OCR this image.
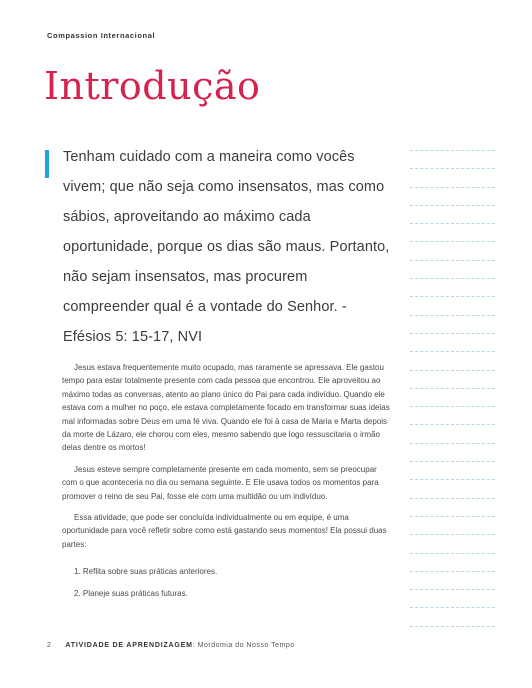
Compassion Internacional
Introdução

Tenham cuidado com a maneira como vocês vivem; que não seja como insensatos, mas como sábios, aproveitando ao máximo cada oportunidade, porque os dias são maus. Portanto, não sejam insensatos, mas procurem compreender qual é a vontade do Senhor. - Efésios 5: 15-17, NVI

Jesus estava frequentemente muito ocupado, mas raramente se apressava. Ele gastou tempo para estar totalmente presente com cada pessoa que encontrou. Ele aproveitou ao máximo todas as conversas, atento ao plano único do Pai para cada indivíduo. Quando ele estava com a mulher no poço, ele estava completamente focado em transformar suas ideias mal informadas sobre Deus em uma fé viva. Quando ele foi à casa de Maria e Marta depois da morte de Lázaro, ele chorou com eles, mesmo sabendo que logo ressuscitaria o irmão delas dentre os mortos!

Jesus esteve sempre completamente presente em cada momento, sem se preocupar com o que aconteceria no dia ou semana seguinte. E Ele usava todos os momentos para promover o reino de seu Pai, fosse ele com uma multidão ou um indivíduo.

Essa atividade, que pode ser concluída individualmente ou em equipe, é uma oportunidade para você refletir sobre como está gastando seus momentos! Ela possui duas partes:

1. Reflita sobre suas práticas anteriores.
2. Planeje suas práticas futuras.
2 ATIVIDADE DE APRENDIZAGEM: Mordomia do Nosso Tempo
